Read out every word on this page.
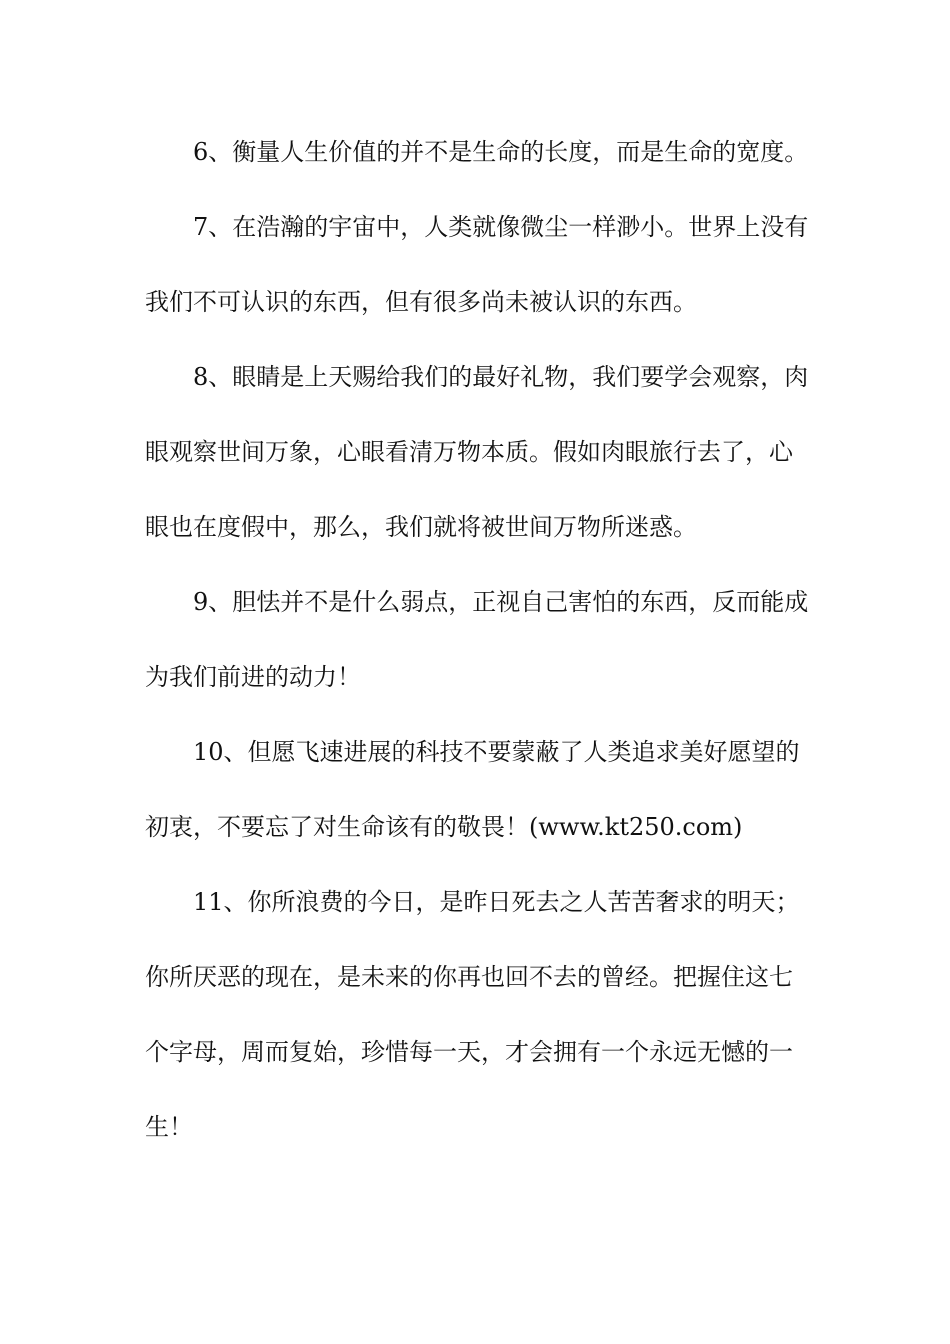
6、衡量人生价值的并不是生命的长度，而是生命的宽度。
7、在浩瀚的宇宙中，人类就像微尘一样渺小。世界上没有
我们不可认识的东西，但有很多尚未被认识的东西。
8、眼睛是上天赐给我们的最好礼物，我们要学会观察，肉
眼观察世间万象，心眼看清万物本质。假如肉眼旅行去了，心
眼也在度假中，那么，我们就将被世间万物所迷惑。
9、胆怯并不是什么弱点，正视自己害怕的东西，反而能成
为我们前进的动力！
10、但愿飞速进展的科技不要蒙蔽了人类追求美好愿望的
初衷，不要忘了对生命该有的敬畏！(www.kt250.com)
11、你所浪费的今日，是昨日死去之人苦苦奢求的明天；
你所厌恶的现在，是未来的你再也回不去的曾经。把握住这七
个字母，周而复始，珍惜每一天，才会拥有一个永远无憾的一
生！
